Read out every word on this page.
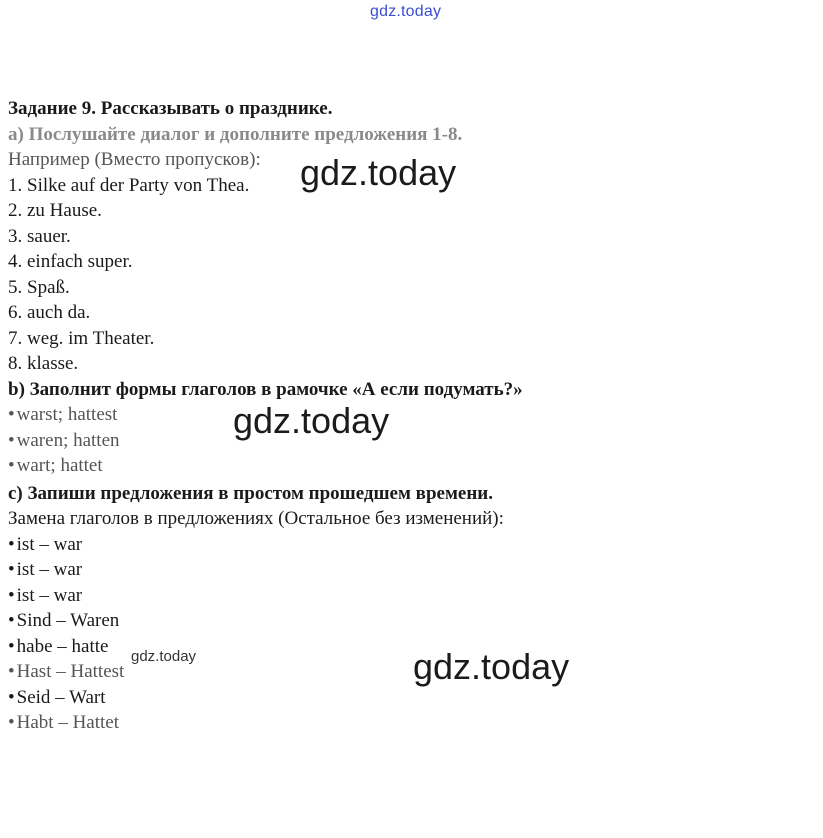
gdz.today
Задание 9. Рассказывать о празднике.
a) Послушайте диалог и дополните предложения 1-8.
Например (Вместо пропусков):
1. Silke auf der Party von Thea.
2. zu Hause.
3. sauer.
4. einfach super.
5. Spaß.
6. auch da.
7. weg. im Theater.
8. klasse.
b) Заполнит формы глаголов в рамочке «А если подумать?»
• warst; hattest
• waren; hatten
• wart; hattet
c) Запиши предложения в простом прошедшем времени.
Замена глаголов в предложениях (Остальное без изменений):
• ist – war
• ist – war
• ist – war
• Sind – Waren
• habe – hatte
• Hast – Hattest
• Seid – Wart
• Habt – Hattet
gdz.today
gdz.today
gdz.today
gdz.today
